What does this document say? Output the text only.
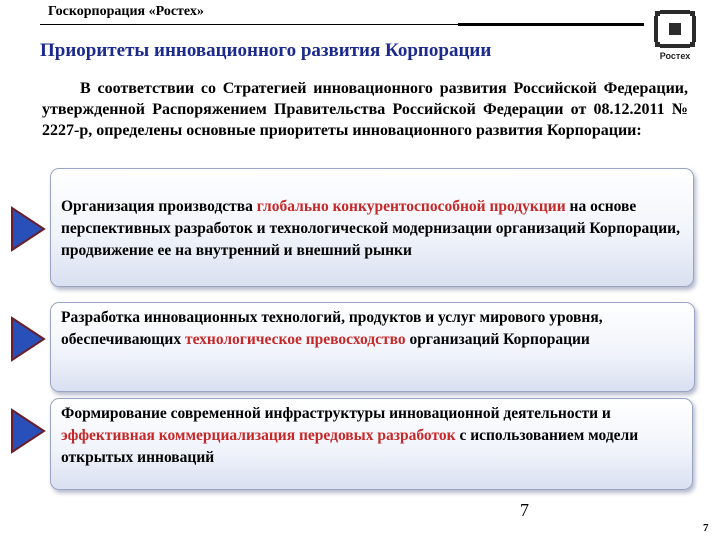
Госкорпорация «Ростех»
Ростех
Приоритеты инновационного развития Корпорации
В соответствии со Стратегией инновационного развития Российской Федерации, утвержденной Распоряжением Правительства Российской Федерации от 08.12.2011 № 2227-р, определены основные приоритеты инновационного развития Корпорации:
Организация производства глобально конкурентоспособной продукции на основе перспективных разработок и технологической модернизации организаций Корпорации, продвижение ее на внутренний и внешний рынки
Разработка инновационных технологий, продуктов и услуг мирового уровня, обеспечивающих технологическое превосходство организаций Корпорации
Формирование современной инфраструктуры инновационной деятельности и эффективная коммерциализация передовых разработок с использованием модели открытых инноваций
7
7
